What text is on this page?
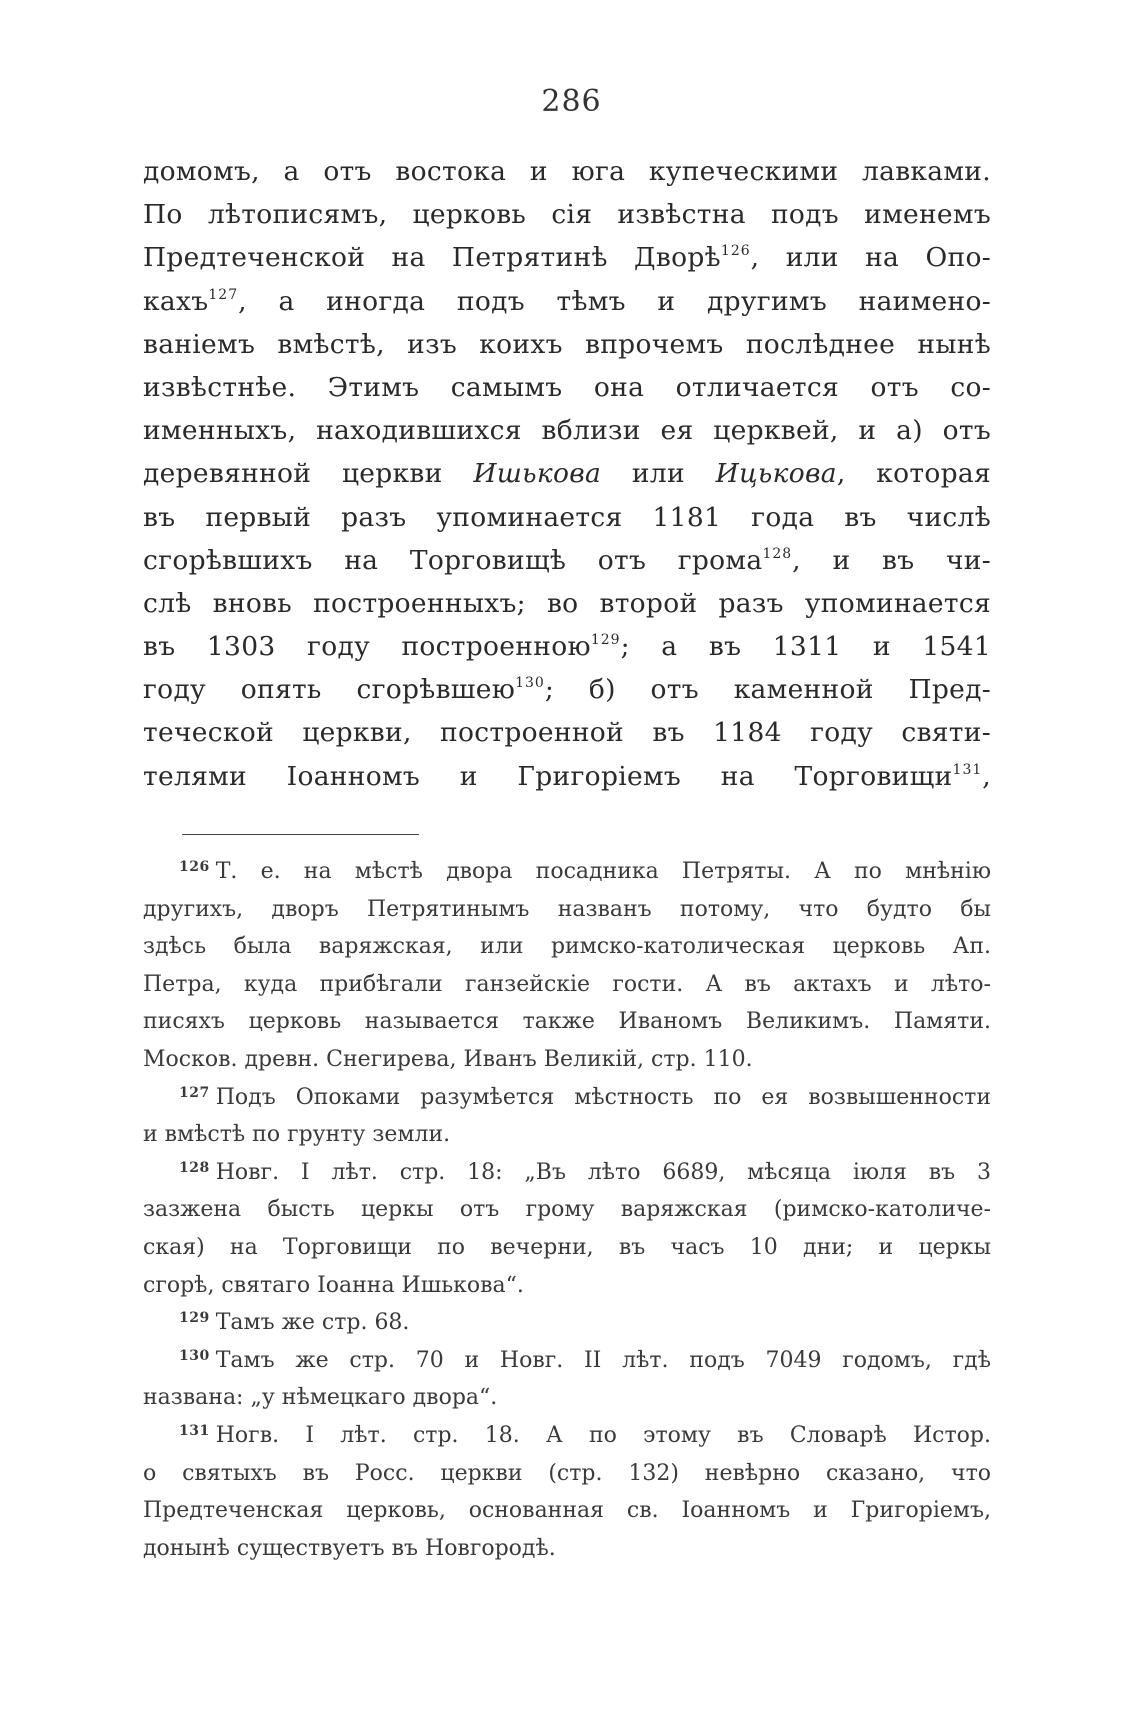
286
домомъ, а отъ востока и юга купеческими лавками.
По лѣтописямъ, церковь сія извѣстна подъ именемъ
Предтеченской на Петрятинѣ Дворѣ$^{126}$, или на Опо-
кахъ$^{127}$, а иногда подъ тѣмъ и другимъ наименo-
ваніемъ вмѣстѣ, изъ коихъ впрочемъ послѣднее нынѣ
извѣстнѣе. Этимъ самымъ она отличается отъ со-
именныхъ, находившихся вблизи ея церквей, и а) отъ
деревянной церкви Ишькова или Ицькова, которая
въ первый разъ упоминается 1181 года въ числѣ
сгорѣвшихъ на Торговищѣ отъ грома$^{128}$, и въ чи-
слѣ вновь построенныхъ; во второй разъ упоминается
въ 1303 году построенною$^{129}$; а въ 1311 и 1541
году опять сгорѣвшею$^{130}$; б) отъ каменной Пред-
теческой церкви, построенной въ 1184 году святи-
телями Іоанномъ и Григоріемъ на Торговищи$^{131}$,
$^{126}$ Т. е. на мѣстѣ двора посадника Петряты. А по мнѣнію
другихъ, дворъ Петрятинымъ названъ потому, что будто бы
здѣсь была варяжская, или римско-католическая церковь Ап.
Петра, куда прибѣгали ганзейскіе гости. А въ актахъ и лѣто-
писяхъ церковь называется также Иваномъ Великимъ. Памяти.
Москов. древн. Снегирева, Иванъ Великій, стр. 110.
$^{127}$ Подъ Опоками разумѣется мѣстность по ея возвышенности
и вмѣстѣ по грунту земли.
$^{128}$ Новг. I лѣт. стр. 18: „Въ лѣто 6689, мѣсяца іюля въ 3
зазжена бысть церкы отъ грому варяжская (римско-католиче-
ская) на Торговищи по вечерни, въ часъ 10 дни; и церкы
сгорѣ, святаго Іоанна Ишькова“.
$^{129}$ Тамъ же стр. 68.
$^{130}$ Тамъ же стр. 70 и Новг. II лѣт. подъ 7049 годомъ, гдѣ
названа: „у нѣмецкаго двора“.
$^{131}$ Ногв. I лѣт. стр. 18. А по этому въ Словарѣ Истор.
о святыхъ въ Росс. церкви (стр. 132) невѣрно сказано, что
Предтеченская церковь, основанная св. Іоанномъ и Григоріемъ,
донынѣ существуетъ въ Новгородѣ.
